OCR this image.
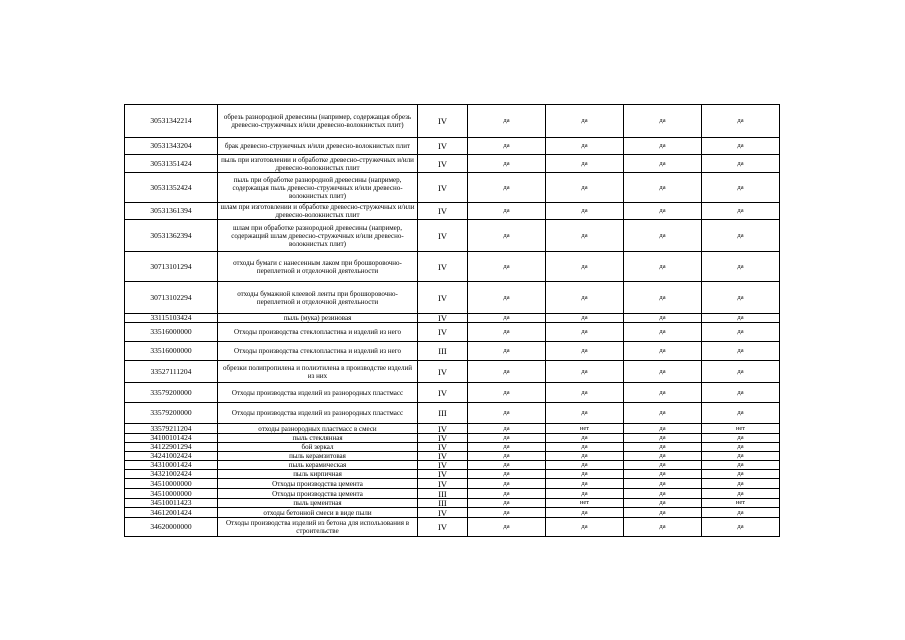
30531342214	обрезь разнородной древесины (например, содержащая обрезь древесно-стружечных и/или древесно-волокнистых плит)	IV	да	да	да	да
30531343204	брак древесно-стружечных и/или древесно-волокнистых плит	IV	да	да	да	да
30531351424	пыль при изготовлении и обработке древесно-стружечных и/или древесно-волокнистых плит	IV	да	да	да	да
30531352424	пыль при обработке разнородной древесины (например, содержащая пыль древесно-стружечных и/или древесно-волокнистых плит)	IV	да	да	да	да
30531361394	шлам при изготовлении и обработке древесно-стружечных и/или древесно-волокнистых плит	IV	да	да	да	да
30531362394	шлам при обработке разнородной древесины (например, содержащий шлам древесно-стружечных и/или древесно-волокнистых плит)	IV	да	да	да	да
30713101294	отходы бумаги с нанесенным лаком при брошюровочно-переплетной и отделочной деятельности	IV	да	да	да	да
30713102294	отходы бумажной клеевой ленты при брошюровочно-переплетной и отделочной деятельности	IV	да	да	да	да
33115103424	пыль (мука) резиновая	IV	да	да	да	да
33516000000	Отходы производства стеклопластика и изделий из него	IV	да	да	да	да
33516000000	Отходы производства стеклопластика и изделий из него	III	да	да	да	да
33527111204	обрезки полипропилена и полиэтилена в производстве изделий из них	IV	да	да	да	да
33579200000	Отходы производства изделий из разнородных пластмасс	IV	да	да	да	да
33579200000	Отходы производства изделий из разнородных пластмасс	III	да	да	да	да
33579211204	отходы разнородных пластмасс в смеси	IV	да	нет	да	нет
34100101424	пыль стеклянная	IV	да	да	да	да
34122901294	бой зеркал	IV	да	да	да	да
34241002424	пыль керамзитовая	IV	да	да	да	да
34310001424	пыль керамическая	IV	да	да	да	да
34321002424	пыль кирпичная	IV	да	да	да	да
34510000000	Отходы производства цемента	IV	да	да	да	да
34510000000	Отходы производства цемента	III	да	да	да	да
34510011423	пыль цементная	III	да	нет	да	нет
34612001424	отходы бетонной смеси в виде пыли	IV	да	да	да	да
34620000000	Отходы производства изделий из бетона для использования в строительстве	IV	да	да	да	да
